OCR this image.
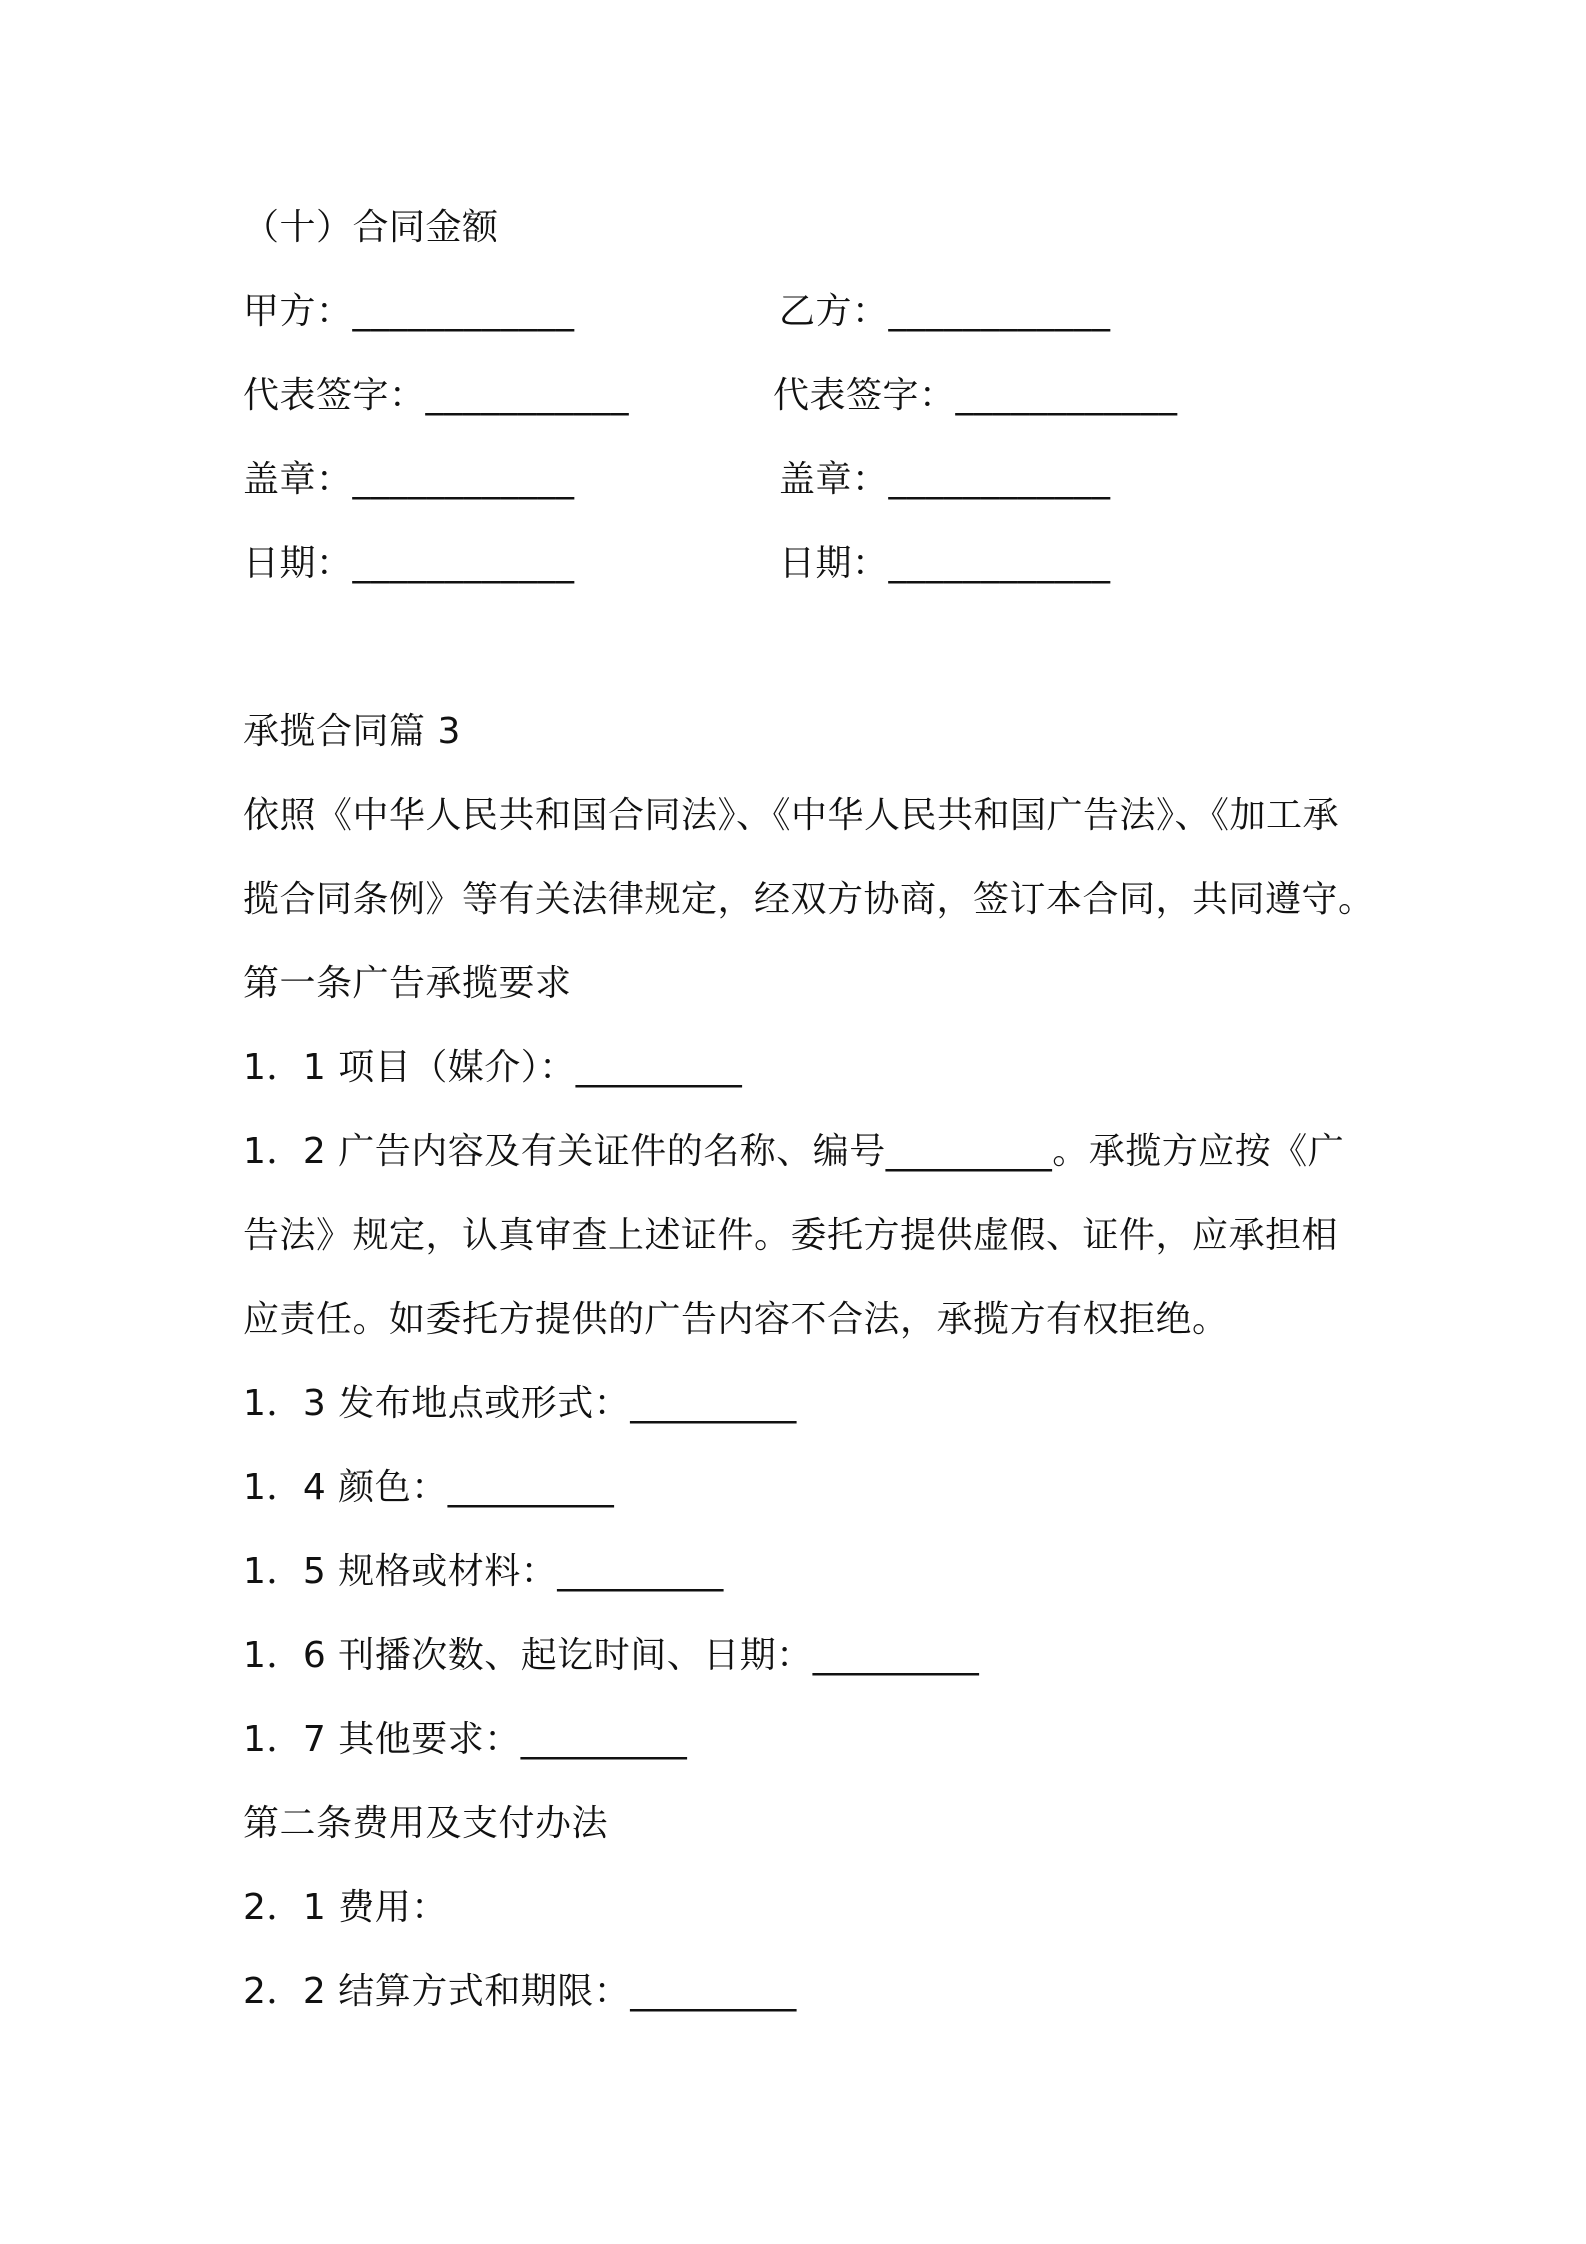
（十）合同金额
甲方：____________	乙方：____________
代表签字：___________	代表签字：____________
盖章：____________	盖章：____________
日期：____________	日期：____________
承揽合同篇 3
依照《中华人民共和国合同法》、《中华人民共和国广告法》、《加工承
揽合同条例》等有关法律规定，经双方协商，签订本合同，共同遵守。
第一条广告承揽要求
1．1 项目（媒介）：_________
1．2 广告内容及有关证件的名称、编号_________。承揽方应按《广
告法》规定，认真审查上述证件。委托方提供虚假、证件，应承担相
应责任。如委托方提供的广告内容不合法，承揽方有权拒绝。
1．3 发布地点或形式：_________
1．4 颜色：_________
1．5 规格或材料：_________
1．6 刊播次数、起讫时间、日期：_________
1．7 其他要求：_________
第二条费用及支付办法
2．1 费用：
2．2 结算方式和期限：_________
